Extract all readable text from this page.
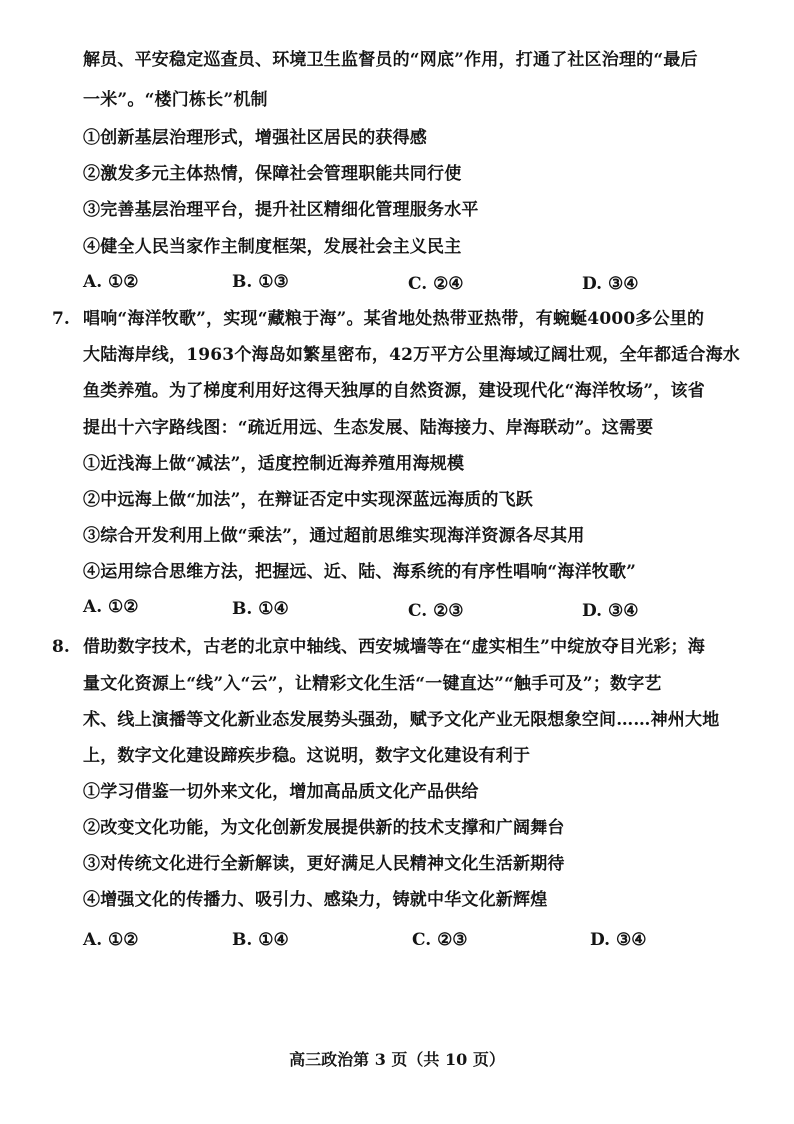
解员、平安稳定巡查员、环境卫生监督员的“网底”作用，打通了社区治理的“最后
一米”。“楼门栋长”机制
①创新基层治理形式，增强社区居民的获得感
②激发多元主体热情，保障社会管理职能共同行使
③完善基层治理平台，提升社区精细化管理服务水平
④健全人民当家作主制度框架，发展社会主义民主
A. ①②	B. ①③	C. ②④	D. ③④
7. 唱响“海洋牧歌”，实现“藏粮于海”。某省地处热带亚热带，有蜿蜒4000多公里的
大陆海岸线，1963个海岛如繁星密布，42万平方公里海域辽阔壮观，全年都适合海水
鱼类养殖。为了梯度利用好这得天独厚的自然资源，建设现代化“海洋牧场”，该省
提出十六字路线图：“疏近用远、生态发展、陆海接力、岸海联动”。这需要
①近浅海上做“减法”，适度控制近海养殖用海规模
②中远海上做“加法”，在辩证否定中实现深蓝远海质的飞跃
③综合开发利用上做“乘法”，通过超前思维实现海洋资源各尽其用
④运用综合思维方法，把握远、近、陆、海系统的有序性唱响“海洋牧歌”
A. ①②	B. ①④	C. ②③	D. ③④
8. 借助数字技术，古老的北京中轴线、西安城墙等在“虚实相生”中绽放夺目光彩；海
量文化资源上“线”入“云”，让精彩文化生活“一键直达”“触手可及”；数字艺
术、线上演播等文化新业态发展势头强劲，赋予文化产业无限想象空间……神州大地
上，数字文化建设蹄疾步稳。这说明，数字文化建设有利于
①学习借鉴一切外来文化，增加高品质文化产品供给
②改变文化功能，为文化创新发展提供新的技术支撑和广阔舞台
③对传统文化进行全新解读，更好满足人民精神文化生活新期待
④增强文化的传播力、吸引力、感染力，铸就中华文化新辉煌
A. ①②	B. ①④	C. ②③	D. ③④
高三政治第 3 页（共 10 页）
